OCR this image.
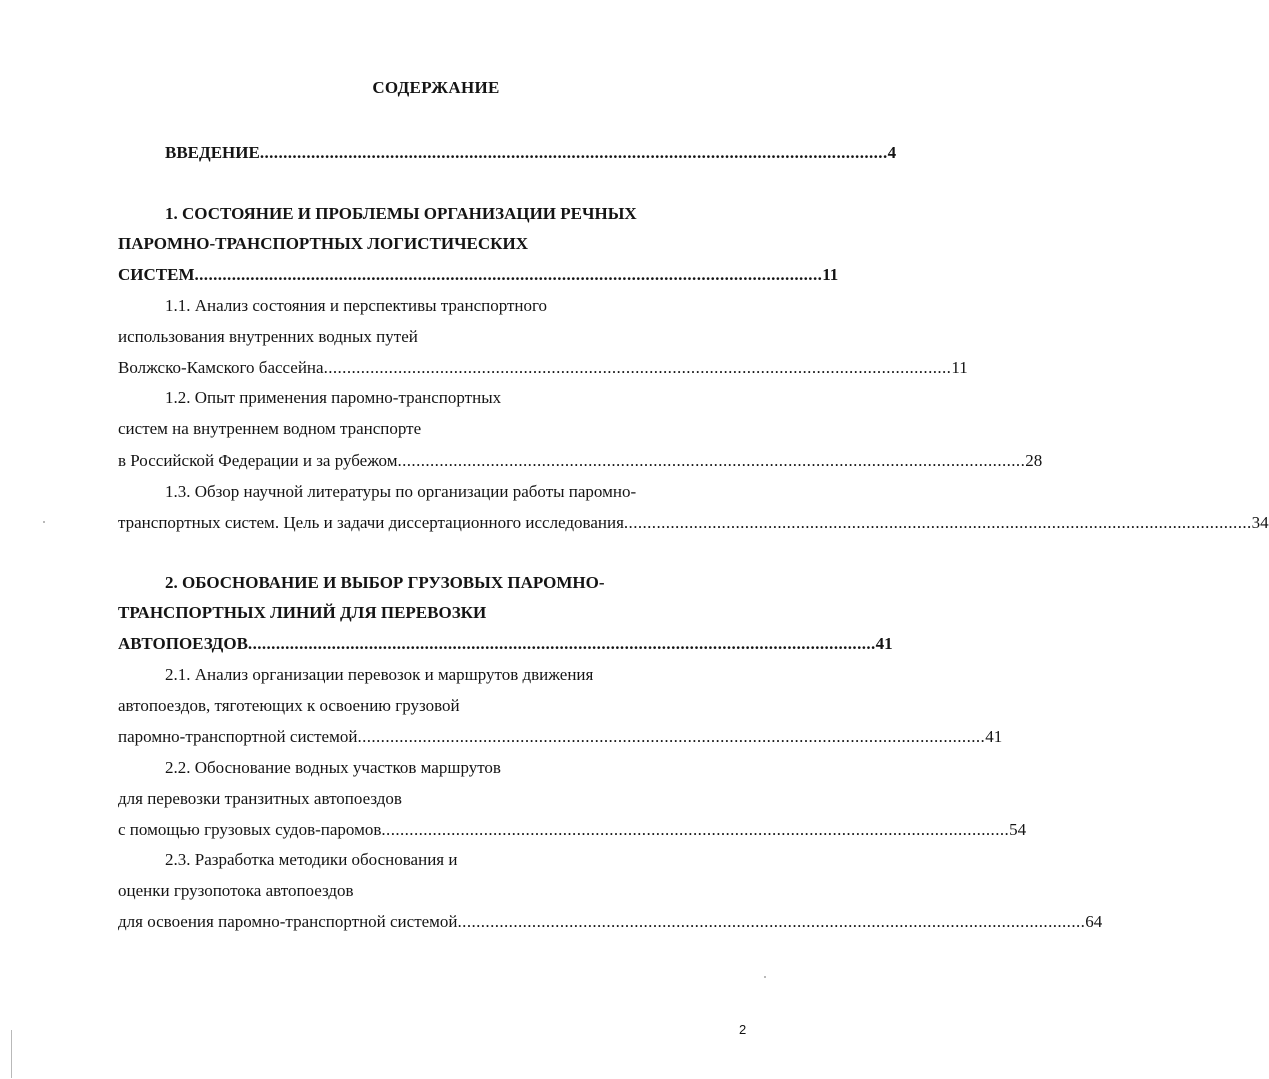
СОДЕРЖАНИЕ
ВВЕДЕНИЕ ....................................................................................................................................... 4
1. СОСТОЯНИЕ И ПРОБЛЕМЫ ОРГАНИЗАЦИИ РЕЧНЫХ
ПАРОМНО-ТРАНСПОРТНЫХ ЛОГИСТИЧЕСКИХ
СИСТЕМ ....................................................................................................................................... 11
1.1. Анализ состояния и перспективы транспортного
использования внутренних водных путей
Волжско-Камского бассейна ....................................................................................................................................... 11
1.2. Опыт применения паромно-транспортных
систем на внутреннем водном транспорте
в Российской Федерации и за рубежом ....................................................................................................................................... 28
1.3. Обзор научной литературы по организации работы паромно-
транспортных систем. Цель и задачи диссертационного исследования ....................................................................................................................................... 34
2. ОБОСНОВАНИЕ И ВЫБОР ГРУЗОВЫХ ПАРОМНО-
ТРАНСПОРТНЫХ ЛИНИЙ ДЛЯ ПЕРЕВОЗКИ
АВТОПОЕЗДОВ ....................................................................................................................................... 41
2.1. Анализ организации перевозок и маршрутов движения
автопоездов, тяготеющих к освоению грузовой
паромно-транспортной системой ....................................................................................................................................... 41
2.2. Обоснование водных участков маршрутов
для перевозки транзитных автопоездов
с помощью грузовых судов-паромов ....................................................................................................................................... 54
2.3. Разработка методики обоснования и
оценки грузопотока автопоездов
для освоения паромно-транспортной системой ....................................................................................................................................... 64
2
